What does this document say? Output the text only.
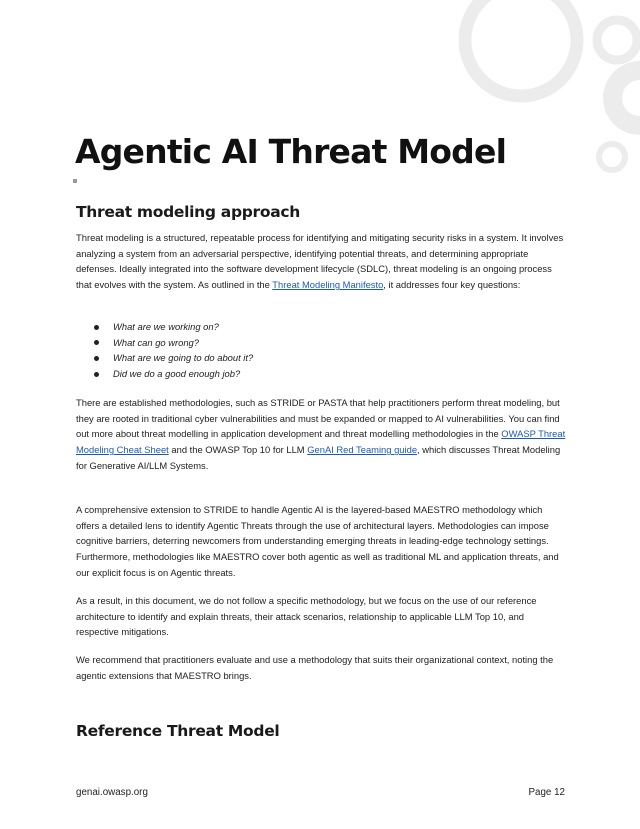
Agentic AI Threat Model
Threat modeling approach

Threat modeling is a structured, repeatable process for identifying and mitigating security risks in a system. It involves analyzing a system from an adversarial perspective, identifying potential threats, and determining appropriate defenses. Ideally integrated into the software development lifecycle (SDLC), threat modeling is an ongoing process that evolves with the system. As outlined in the Threat Modeling Manifesto, it addresses four key questions:

What are we working on?
What can go wrong?
What are we going to do about it?
Did we do a good enough job?

There are established methodologies, such as STRIDE or PASTA that help practitioners perform threat modeling, but they are rooted in traditional cyber vulnerabilities and must be expanded or mapped to AI vulnerabilities. You can find out more about threat modelling in application development and threat modelling methodologies in the OWASP Threat Modeling Cheat Sheet and the OWASP Top 10 for LLM GenAI Red Teaming guide, which discusses Threat Modeling for Generative AI/LLM Systems.

A comprehensive extension to STRIDE to handle Agentic AI is the layered-based MAESTRO methodology which offers a detailed lens to identify Agentic Threats through the use of architectural layers. Methodologies can impose cognitive barriers, deterring newcomers from understanding emerging threats in leading-edge technology settings. Furthermore, methodologies like MAESTRO cover both agentic as well as traditional ML and application threats, and our explicit focus is on Agentic threats.

As a result, in this document, we do not follow a specific methodology, but we focus on the use of our reference architecture to identify and explain threats, their attack scenarios, relationship to applicable LLM Top 10, and respective mitigations.

We recommend that practitioners evaluate and use a methodology that suits their organizational context, noting the agentic extensions that MAESTRO brings.

Reference Threat Model
genai.owasp.org	Page 12
